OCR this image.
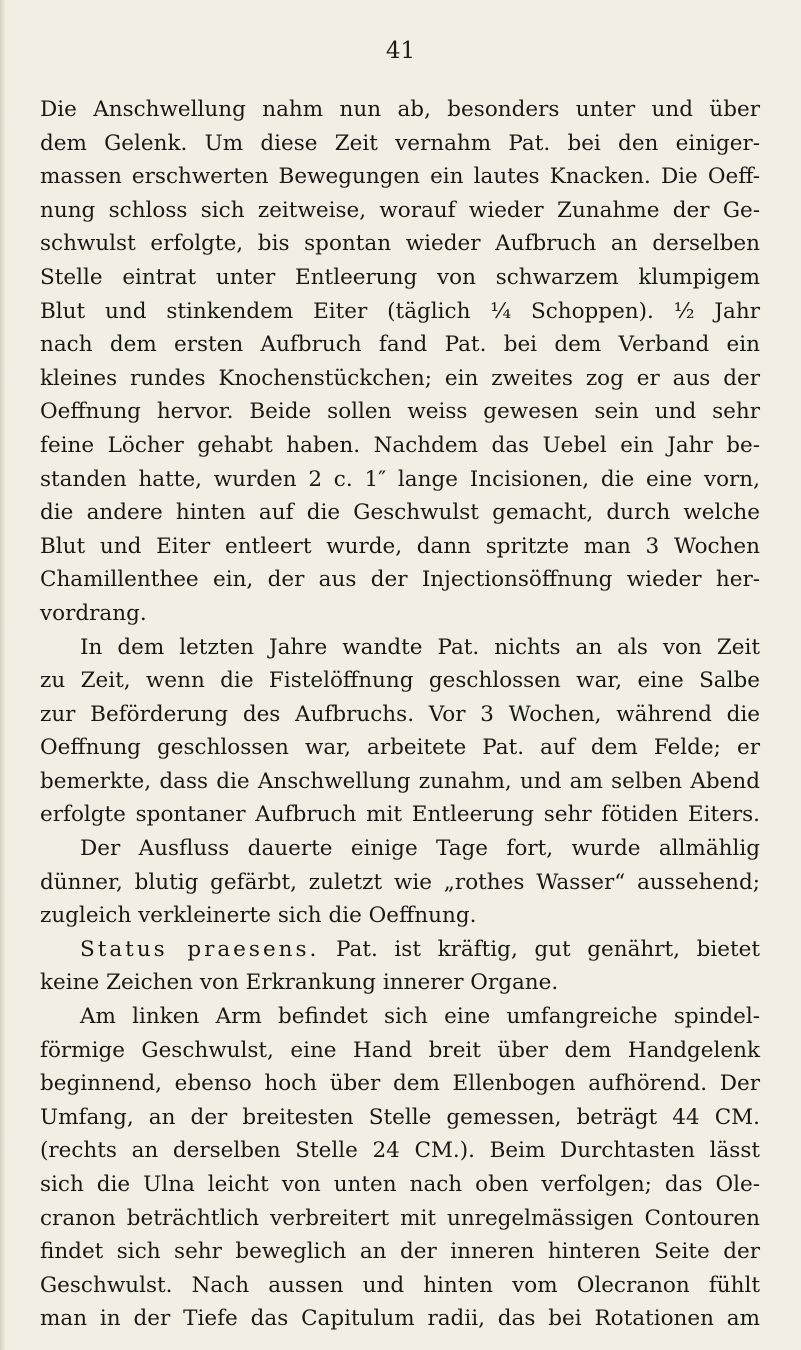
41
Die Anschwellung nahm nun ab, besonders unter und über
dem Gelenk. Um diese Zeit vernahm Pat. bei den einiger-
massen erschwerten Bewegungen ein lautes Knacken. Die Oeff-
nung schloss sich zeitweise, worauf wieder Zunahme der Ge-
schwulst erfolgte, bis spontan wieder Aufbruch an derselben
Stelle eintrat unter Entleerung von schwarzem klumpigem
Blut und stinkendem Eiter (täglich ¼ Schoppen). ½ Jahr
nach dem ersten Aufbruch fand Pat. bei dem Verband ein
kleines rundes Knochenstückchen; ein zweites zog er aus der
Oeffnung hervor. Beide sollen weiss gewesen sein und sehr
feine Löcher gehabt haben. Nachdem das Uebel ein Jahr be-
standen hatte, wurden 2 c. 1″ lange Incisionen, die eine vorn,
die andere hinten auf die Geschwulst gemacht, durch welche
Blut und Eiter entleert wurde, dann spritzte man 3 Wochen
Chamillenthee ein, der aus der Injectionsöffnung wieder her-
vordrang.
In dem letzten Jahre wandte Pat. nichts an als von Zeit
zu Zeit, wenn die Fistelöffnung geschlossen war, eine Salbe
zur Beförderung des Aufbruchs. Vor 3 Wochen, während die
Oeffnung geschlossen war, arbeitete Pat. auf dem Felde; er
bemerkte, dass die Anschwellung zunahm, und am selben Abend
erfolgte spontaner Aufbruch mit Entleerung sehr fötiden Eiters.
Der Ausfluss dauerte einige Tage fort, wurde allmählig
dünner, blutig gefärbt, zuletzt wie „rothes Wasser“ aussehend;
zugleich verkleinerte sich die Oeffnung.
Status praesens. Pat. ist kräftig, gut genährt, bietet
keine Zeichen von Erkrankung innerer Organe.
Am linken Arm befindet sich eine umfangreiche spindel-
förmige Geschwulst, eine Hand breit über dem Handgelenk
beginnend, ebenso hoch über dem Ellenbogen aufhörend. Der
Umfang, an der breitesten Stelle gemessen, beträgt 44 CM.
(rechts an derselben Stelle 24 CM.). Beim Durchtasten lässt
sich die Ulna leicht von unten nach oben verfolgen; das Ole-
cranon beträchtlich verbreitert mit unregelmässigen Contouren
findet sich sehr beweglich an der inneren hinteren Seite der
Geschwulst. Nach aussen und hinten vom Olecranon fühlt
man in der Tiefe das Capitulum radii, das bei Rotationen am
